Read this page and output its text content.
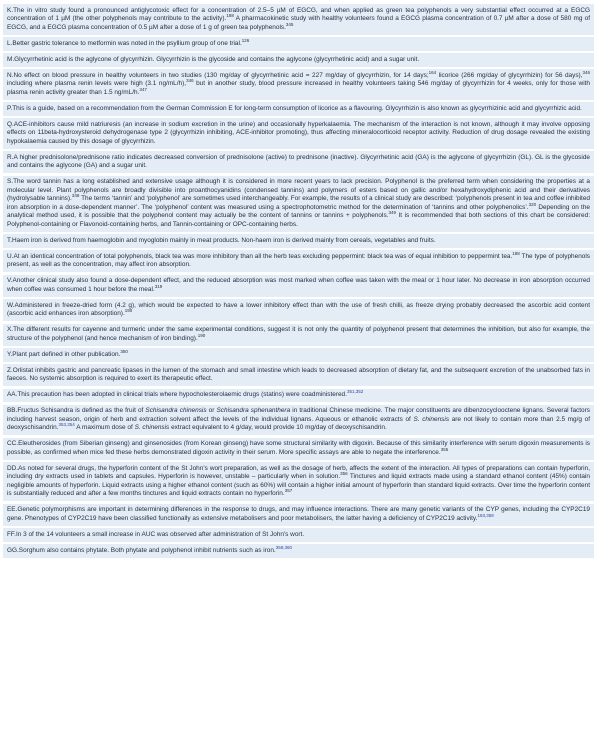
K.The in vitro study found a pronounced antiglycotoxic effect for a concentration of 2.5–5 µM of EGCG, and when applied as green tea polyphenols a very substantial effect occurred at a EGCG concentration of 1 µM (the other polyphenols may contribute to the activity).$^{188}$ A pharmacokinetic study with healthy volunteers found a EGCG plasma concentration of 0.7 µM after a dose of 580 mg of EGCG, and a EGCG plasma concentration of 0.5 µM after a dose of 1 g of green tea polyphenols.$^{345}$
L.Better gastric tolerance to metformin was noted in the psyllium group of one trial.$^{126}$
M.Glycyrrhetinic acid is the aglycone of glycyrrhizin. Glycyrrhizin is the glycoside and contains the aglycone (glycyrrhetinic acid) and a sugar unit.
N.No effect on blood pressure in healthy volunteers in two studies (130 mg/day of glycyrrhetinic acid = 227 mg/day of glycyrrhizin, for 14 days;$^{164}$ licorice (266 mg/day of glycyrrhizin) for 56 days),$^{346}$ including where plasma renin levels were high (3.1 ng/mL/h),$^{346}$ but in another study, blood pressure increased in healthy volunteers taking 546 mg/day of glycyrrhizin for 4 weeks, only for those with plasma renin activity greater than 1.5 ng/mL/h.$^{347}$
P.This is a guide, based on a recommendation from the German Commission E for long-term consumption of licorice as a flavouring. Glycyrrhizin is also known as glycyrrhizinic acid and glycyrrhizic acid.
Q.ACE-inhibitors cause mild natriuresis (an increase in sodium excretion in the urine) and occasionally hyperkalaemia. The mechanism of the interaction is not known, although it may involve opposing effects on 11beta-hydroxysteroid dehydrogenase type 2 (glycyrrhizin inhibiting, ACE-inhibitor promoting), thus affecting mineralocorticoid receptor activity. Reduction of drug dosage revealed the existing hypokalaemia caused by this dosage of glycyrrhizin.
R.A higher prednisolone/prednisone ratio indicates decreased conversion of prednisolone (active) to prednisone (inactive). Glycyrrhetinic acid (GA) is the aglycone of glycyrrhizin (GL). GL is the glycoside and contains the aglycone (GA) and a sugar unit.
S.The word tannin has a long established and extensive usage although it is considered in more recent years to lack precision. Polyphenol is the preferred term when considering the properties at a molecular level. Plant polyphenols are broadly divisible into proanthocyanidins (condensed tannins) and polymers of esters based on gallic and/or hexahydroxydiphenic acid and their derivatives (hydrolysable tannins).$^{348}$ The terms ‘tannin’ and ‘polyphenol’ are sometimes used interchangeably. For example, the results of a clinical study are described: ‘polyphenols present in tea and coffee inhibited iron absorption in a dose-dependent manner’. The ‘polyphenol’ content was measured using a spectrophotometric method for the determination of ‘tannins and other polyphenolics’.$^{320}$ Depending on the analytical method used, it is possible that the polyphenol content may actually be the content of tannins or tannins + polyphenols.$^{349}$ It is recommended that both sections of this chart be considered: Polyphenol-containing or Flavonoid-containing herbs, and Tannin-containing or OPC-containing herbs.
T.Haem iron is derived from haemoglobin and myoglobin mainly in meat products. Non-haem iron is derived mainly from cereals, vegetables and fruits.
U.At an identical concentration of total polyphenols, black tea was more inhibitory than all the herb teas excluding peppermint: black tea was of equal inhibition to peppermint tea.$^{188}$ The type of polyphenols present, as well as the concentration, may affect iron absorption.
V.Another clinical study also found a dose-dependent effect, and the reduced absorption was most marked when coffee was taken with the meal or 1 hour later. No decrease in iron absorption occurred when coffee was consumed 1 hour before the meal.$^{319}$
W.Administered in freeze-dried form (4.2 g), which would be expected to have a lower inhibitory effect than with the use of fresh chilli, as freeze drying probably decreased the ascorbic acid content (ascorbic acid enhances iron absorption).$^{190}$
X.The different results for cayenne and turmeric under the same experimental conditions, suggest it is not only the quantity of polyphenol present that determines the inhibition, but also for example, the structure of the polyphenol (and hence mechanism of iron binding).$^{190}$
Y.Plant part defined in other publication.$^{350}$
Z.Orlistat inhibits gastric and pancreatic lipases in the lumen of the stomach and small intestine which leads to decreased absorption of dietary fat, and the subsequent excretion of the unabsorbed fats in faeces. No systemic absorption is required to exert its therapeutic effect.
AA.This precaution has been adopted in clinical trials where hypocholesterolaemic drugs (statins) were coadministered.$^{351,352}$
BB.Fructus Schisandra is defined as the fruit of Schisandra chinensis or Schisandra sphenanthera in traditional Chinese medicine. The major constituents are dibenzocyclooctene lignans. Several factors including harvest season, origin of herb and extraction solvent affect the levels of the individual lignans. Aqueous or ethanolic extracts of S. chinensis are not likely to contain more than 2.5 mg/g of deoxyschisandrin.$^{353,354}$ A maximum dose of S. chinensis extract equivalent to 4 g/day, would provide 10 mg/day of deoxyschisandrin.
CC.Eleutherosides (from Siberian ginseng) and ginsenosides (from Korean ginseng) have some structural similarity with digoxin. Because of this similarity interference with serum digoxin measurements is possible, as confirmed when mice fed these herbs demonstrated digoxin activity in their serum. More specific assays are able to negate the interference.$^{355}$
DD.As noted for several drugs, the hyperforin content of the St John's wort preparation, as well as the dosage of herb, affects the extent of the interaction. All types of preparations can contain hyperforin, including dry extracts used in tablets and capsules. Hyperforin is however, unstable – particularly when in solution.$^{356}$ Tinctures and liquid extracts made using a standard ethanol content (45%) contain negligible amounts of hyperforin. Liquid extracts using a higher ethanol content (such as 60%) will contain a higher initial amount of hyperforin than standard liquid extracts. Over time the hyperforin content is substantially reduced and after a few months tinctures and liquid extracts contain no hyperforin.$^{357}$
EE.Genetic polymorphisms are important in determining differences in the response to drugs, and may influence interactions. There are many genetic variants of the CYP genes, including the CYP2C19 gene. Phenotypes of CYP2C19 have been classified functionally as extensive metabolisers and poor metabolisers, the latter having a deficiency of CYP2C19 activity.$^{183,358}$
FF.In 3 of the 14 volunteers a small increase in AUC was observed after administration of St John's wort.
GG.Sorghum also contains phytate. Both phytate and polyphenol inhibit nutrients such as iron.$^{359,360}$
